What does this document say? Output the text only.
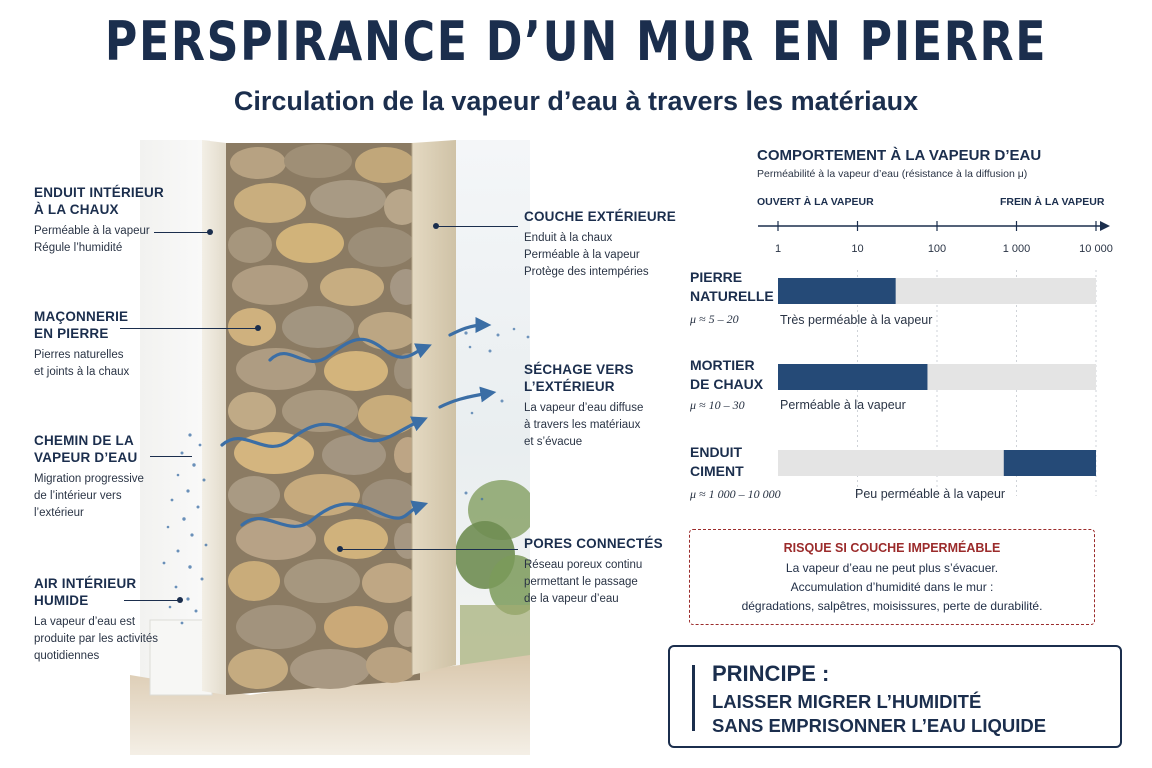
PERSPIRANCE D’UN MUR EN PIERRE
Circulation de la vapeur d’eau à travers les matériaux
ENDUIT INTÉRIEUR
À LA CHAUX
Perméable à la vapeur
Régule l’humidité
MAÇONNERIE
EN PIERRE
Pierres naturelles
et joints à la chaux
CHEMIN DE LA
VAPEUR D’EAU
Migration progressive
de l’intérieur vers
l’extérieur
AIR INTÉRIEUR
HUMIDE
La vapeur d’eau est
produite par les activités
quotidiennes
COUCHE EXTÉRIEURE
Enduit à la chaux
Perméable à la vapeur
Protège des intempéries
SÉCHAGE VERS
L’EXTÉRIEUR
La vapeur d’eau diffuse
à travers les matériaux
et s’évacue
PORES CONNECTÉS
Réseau poreux continu
permettant le passage
de la vapeur d’eau
COMPORTEMENT À LA VAPEUR D’EAU
Perméabilité à la vapeur d’eau (résistance à la diffusion μ)
OUVERT À LA VAPEUR	FREIN À LA VAPEUR
1	10	100	1 000	10 000
PIERRE
NATURELLE
μ ≈ 5 – 20	Très perméable à la vapeur
MORTIER
DE CHAUX
μ ≈ 10 – 30	Perméable à la vapeur
ENDUIT
CIMENT
μ ≈ 1 000 – 10 000	Peu perméable à la vapeur
RISQUE SI COUCHE IMPERMÉABLE
La vapeur d’eau ne peut plus s’évacuer.
Accumulation d’humidité dans le mur :
dégradations, salpêtres, moisissures, perte de durabilité.
PRINCIPE :
LAISSER MIGRER L’HUMIDITÉ
SANS EMPRISONNER L’EAU LIQUIDE
